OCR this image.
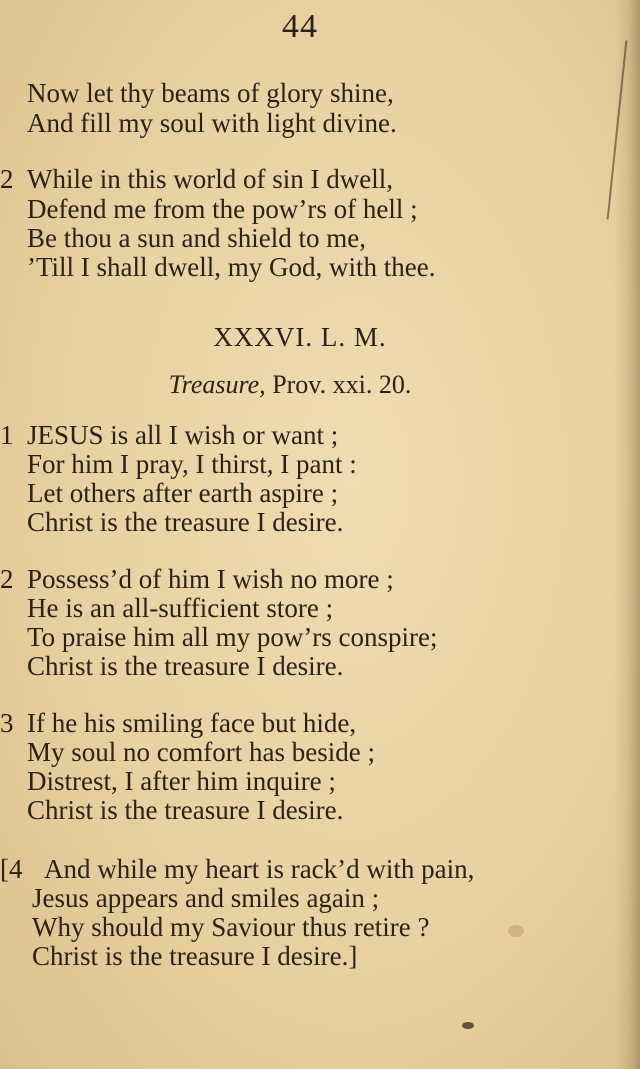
44
Now let thy beams of glory shine,
And fill my soul with light divine.
2 While in this world of sin I dwell,
Defend me from the pow’rs of hell ;
Be thou a sun and shield to me,
’Till I shall dwell, my God, with thee.
XXXVI. L. M.
Treasure, Prov. xxi. 20.
1 JESUS is all I wish or want ;
For him I pray, I thirst, I pant :
Let others after earth aspire ;
Christ is the treasure I desire.
2 Possess’d of him I wish no more ;
He is an all-sufficient store ;
To praise him all my pow’rs conspire;
Christ is the treasure I desire.
3 If he his smiling face but hide,
My soul no comfort has beside ;
Distrest, I after him inquire ;
Christ is the treasure I desire.
[4 And while my heart is rack’d with pain,
Jesus appears and smiles again ;
Why should my Saviour thus retire ?
Christ is the treasure I desire.]
